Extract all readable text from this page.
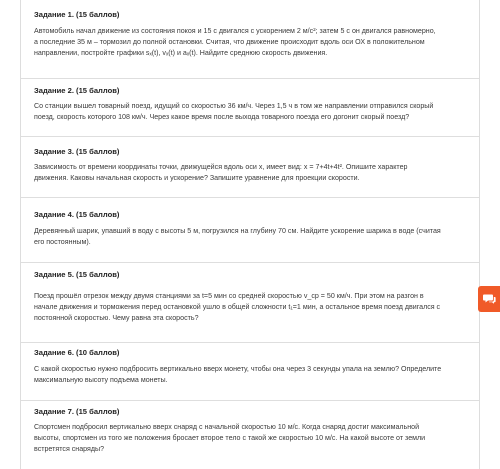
Задание 1. (15 баллов)
Автомобиль начал движение из состояния покоя и 15 с двигался с ускорением 2 м/с²; затем 5 с он двигался равномерно,
а последние 35 м – тормозил до полной остановки. Считая, что движение происходит вдоль оси ОХ в положительном
направлении, постройте графики sₓ(t), vₓ(t) и aₓ(t). Найдите среднюю скорость движения.
Задание 2. (15 баллов)
Со станции вышел товарный поезд, идущий со скоростью 36 км/ч. Через 1,5 ч в том же направлении отправился скорый
поезд, скорость которого 108 км/ч. Через какое время после выхода товарного поезда его догонит скорый поезд?
Задание 3. (15 баллов)
Зависимость от времени координаты точки, движущейся вдоль оси x, имеет вид: x = 7+4t+4t². Опишите характер
движения. Каковы начальная скорость и ускорение? Запишите уравнение для проекции скорости.
Задание 4. (15 баллов)
Деревянный шарик, упавший в воду с высоты 5 м, погрузился на глубину 70 см. Найдите ускорение шарика в воде (считая
его постоянным).
Задание 5. (15 баллов)
Поезд прошёл отрезок между двумя станциями за t=5 мин со средней скоростью v_ср = 50 км/ч. При этом на разгон в
начале движения и торможения перед остановкой ушло в общей сложности t₁=1 мин, а остальное время поезд двигался с
постоянной скоростью. Чему равна эта скорость?
Задание 6. (10 баллов)
С какой скоростью нужно подбросить вертикально вверх монету, чтобы она через 3 секунды упала на землю? Определите
максимальную высоту подъема монеты.
Задание 7. (15 баллов)
Спортсмен подбросил вертикально вверх снаряд с начальной скоростью 10 м/с. Когда снаряд достиг максимальной
высоты, спортсмен из того же положения бросает второе тело с такой же скоростью 10 м/с. На какой высоте от земли
встретятся снаряды?
